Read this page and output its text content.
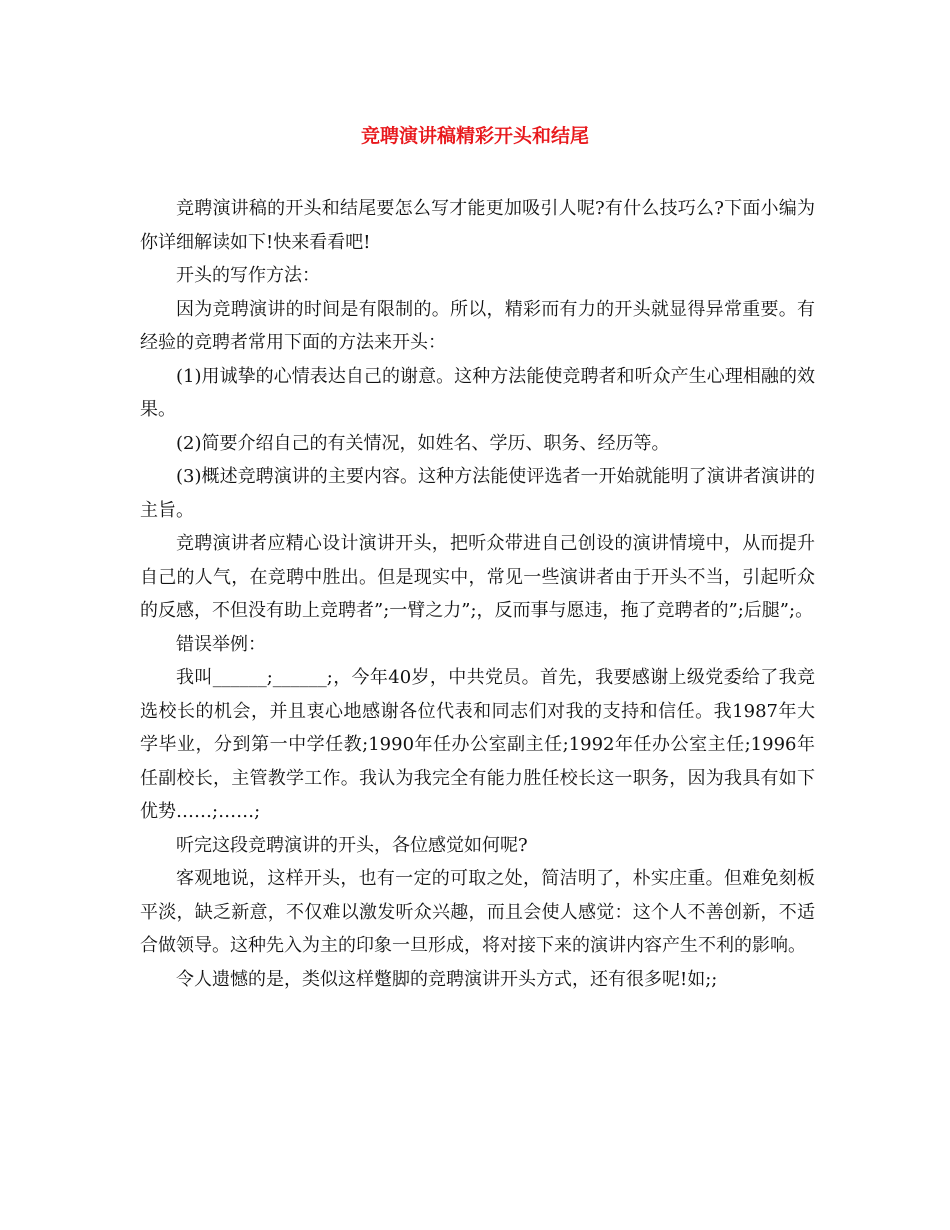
竞聘演讲稿精彩开头和结尾

竞聘演讲稿的开头和结尾要怎么写才能更加吸引人呢?有什么技巧么?下面小编为你详细解读如下!快来看看吧!

开头的写作方法：

因为竞聘演讲的时间是有限制的。所以，精彩而有力的开头就显得异常重要。有经验的竞聘者常用下面的方法来开头：

(1)用诚挚的心情表达自己的谢意。这种方法能使竞聘者和听众产生心理相融的效果。

(2)简要介绍自己的有关情况，如姓名、学历、职务、经历等。

(3)概述竞聘演讲的主要内容。这种方法能使评选者一开始就能明了演讲者演讲的主旨。

竞聘演讲者应精心设计演讲开头，把听众带进自己创设的演讲情境中，从而提升自己的人气，在竞聘中胜出。但是现实中，常见一些演讲者由于开头不当，引起听众的反感，不但没有助上竞聘者”;一臂之力”;，反而事与愿违，拖了竞聘者的”;后腿”;。

错误举例：

我叫______;______;，今年40岁，中共党员。首先，我要感谢上级党委给了我竞选校长的机会，并且衷心地感谢各位代表和同志们对我的支持和信任。我1987年大学毕业，分到第一中学任教;1990年任办公室副主任;1992年任办公室主任;1996年任副校长，主管教学工作。我认为我完全有能力胜任校长这一职务，因为我具有如下优势……;……;

听完这段竞聘演讲的开头，各位感觉如何呢?

客观地说，这样开头，也有一定的可取之处，简洁明了，朴实庄重。但难免刻板平淡，缺乏新意，不仅难以激发听众兴趣，而且会使人感觉：这个人不善创新，不适合做领导。这种先入为主的印象一旦形成，将对接下来的演讲内容产生不利的影响。

令人遗憾的是，类似这样蹩脚的竞聘演讲开头方式，还有很多呢!如;;
